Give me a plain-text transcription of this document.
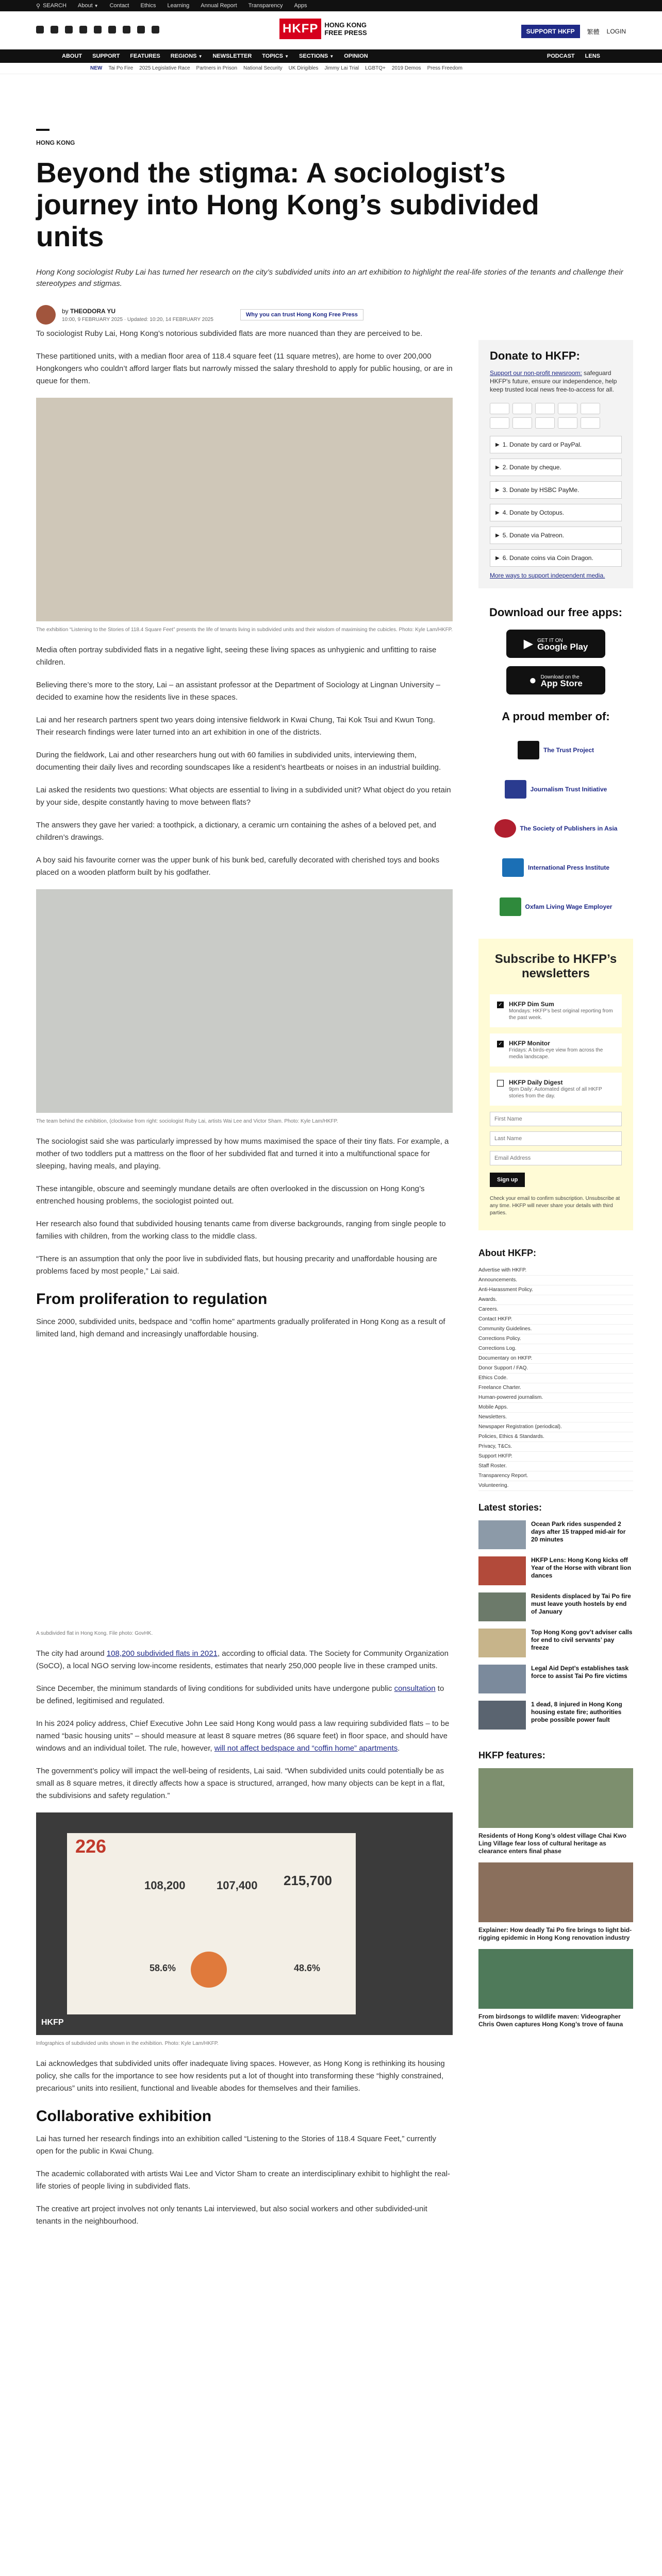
⚲ SEARCH About ▼ Contact Ethics Learning Annual Report Transparency Apps
HKFP HONG KONG
FREE PRESS	SUPPORT HKFP	繁體 LOGIN
ABOUT SUPPORT FEATURES REGIONS ▼ NEWSLETTER TOPICS ▼ SECTIONS ▼ OPINION	PODCAST LENS
NEW Tai Po Fire 2025 Legislative Race Partners in Prison National Security UK Dirigibles Jimmy Lai Trial LGBTQ+ 2019 Demos Press Freedom
HONG KONG
Beyond the stigma: A sociologist’s journey into Hong Kong’s subdivided units

Hong Kong sociologist Ruby Lai has turned her research on the city’s subdivided units into an art exhibition to highlight the real-life stories of the tenants and challenge their stereotypes and stigmas.

by THEODORA YU
10:00, 9 FEBRUARY 2025 · Updated: 10:20, 14 FEBRUARY 2025
Why you can trust Hong Kong Free Press

To sociologist Ruby Lai, Hong Kong’s notorious subdivided flats are more nuanced than they are perceived to be.

These partitioned units, with a median floor area of 118.4 square feet (11 square metres), are home to over 200,000 Hongkongers who couldn’t afford larger flats but narrowly missed the salary threshold to apply for public housing, or are in queue for them.

The exhibition “Listening to the Stories of 118.4 Square Feet” presents the life of tenants living in subdivided units and their wisdom of maximising the cubicles. Photo: Kyle Lam/HKFP.

Media often portray subdivided flats in a negative light, seeing these living spaces as unhygienic and unfitting to raise children.

Believing there’s more to the story, Lai – an assistant professor at the Department of Sociology at Lingnan University – decided to examine how the residents live in these spaces.

Lai and her research partners spent two years doing intensive fieldwork in Kwai Chung, Tai Kok Tsui and Kwun Tong. Their research findings were later turned into an art exhibition in one of the districts.

During the fieldwork, Lai and other researchers hung out with 60 families in subdivided units, interviewing them, documenting their daily lives and recording soundscapes like a resident’s heartbeats or noises in an industrial building.

Lai asked the residents two questions: What objects are essential to living in a subdivided unit? What object do you retain by your side, despite constantly having to move between flats?

The answers they gave her varied: a toothpick, a dictionary, a ceramic urn containing the ashes of a beloved pet, and children’s drawings.

A boy said his favourite corner was the upper bunk of his bunk bed, carefully decorated with cherished toys and books placed on a wooden platform built by his godfather.

The team behind the exhibition, (clockwise from right: sociologist Ruby Lai, artists Wai Lee and Victor Sham. Photo: Kyle Lam/HKFP.

The sociologist said she was particularly impressed by how mums maximised the space of their tiny flats. For example, a mother of two toddlers put a mattress on the floor of her subdivided flat and turned it into a multifunctional space for sleeping, having meals, and playing.

These intangible, obscure and seemingly mundane details are often overlooked in the discussion on Hong Kong’s entrenched housing problems, the sociologist pointed out.

Her research also found that subdivided housing tenants came from diverse backgrounds, ranging from single people to families with children, from the working class to the middle class.

“There is an assumption that only the poor live in subdivided flats, but housing precarity and unaffordable housing are problems faced by most people,” Lai said.

From proliferation to regulation

Since 2000, subdivided units, bedspace and “coffin home” apartments gradually proliferated in Hong Kong as a result of limited land, high demand and increasingly unaffordable housing.

A subdivided flat in Hong Kong. File photo: GovHK.

The city had around 108,200 subdivided flats in 2021, according to official data. The Society for Community Organization (SoCO), a local NGO serving low-income residents, estimates that nearly 250,000 people live in these cramped units.

Since December, the minimum standards of living conditions for subdivided units have undergone public consultation to be defined, legitimised and regulated.

In his 2024 policy address, Chief Executive John Lee said Hong Kong would pass a law requiring subdivided flats – to be named “basic housing units” – should measure at least 8 square metres (86 square feet) in floor space, and should have windows and an individual toilet. The rule, however, will not affect bedspace and “coffin home” apartments.

The government’s policy will impact the well-being of residents, Lai said. “When subdivided units could potentially be as small as 8 square metres, it directly affects how a space is structured, arranged, how many objects can be kept in a flat, the subdivisions and safety regulation.”

226
108,200	107,400 215,700
58.6%	48.6%
HKFP

Infographics of subdivided units shown in the exhibition. Photo: Kyle Lam/HKFP.

Lai acknowledges that subdivided units offer inadequate living spaces. However, as Hong Kong is rethinking its housing policy, she calls for the importance to see how residents put a lot of thought into transforming these “highly constrained, precarious” units into resilient, functional and liveable abodes for themselves and their families.

Collaborative exhibition

Lai has turned her research findings into an exhibition called “Listening to the Stories of 118.4 Square Feet,” currently open for the public in Kwai Chung.

The academic collaborated with artists Wai Lee and Victor Sham to create an interdisciplinary exhibit to highlight the real-life stories of people living in subdivided flats.

The creative art project involves not only tenants Lai interviewed, but also social workers and other subdivided-unit tenants in the neighbourhood.

Donate to HKFP:

Support our non-profit newsroom: safeguard HKFP's future, ensure our independence, help keep trusted local news free-to-access for all.

▶ 1. Donate by card or PayPal.
▶ 2. Donate by cheque.
▶ 3. Donate by HSBC PayMe.
▶ 4. Donate by Octopus.
▶ 5. Donate via Patreon.
▶ 6. Donate coins via Coin Dragon.
More ways to support independent media.
Download our free apps:
▶ GET IT ON
Google Play
● Download on the
App Store
A proud member of:
The Trust Project
Journalism Trust Initiative
The Society of Publishers in Asia
International Press Institute
Oxfam Living Wage Employer
Subscribe to HKFP’s newsletters
✓ HKFP Dim Sum
Mondays: HKFP’s best original reporting from the past week.
✓ HKFP Monitor
Fridays: A birds-eye view from across the media landscape.
HKFP Daily Digest
9pm Daily: Automated digest of all HKFP stories from the day.
First Name Last Name Email Address Sign up

Check your email to confirm subscription. Unsubscribe at any time. HKFP will never share your details with third parties.

About HKFP:
Advertise with HKFP.
Announcements.
Anti-Harassment Policy.
Awards.
Careers.
Contact HKFP.
Community Guidelines.
Corrections Policy.
Corrections Log.
Documentary on HKFP.
Donor Support / FAQ.
Ethics Code.
Freelance Charter.
Human-powered journalism.
Mobile Apps.
Newsletters.
Newspaper Registration (periodical).
Policies, Ethics & Standards.
Privacy, T&Cs.
Support HKFP.
Staff Roster.
Transparency Report.
Volunteering.
Latest stories:
Ocean Park rides suspended 2 days after 15 trapped mid-air for 20 minutes
HKFP Lens: Hong Kong kicks off Year of the Horse with vibrant lion dances
Residents displaced by Tai Po fire must leave youth hostels by end of January
Top Hong Kong gov’t adviser calls for end to civil servants’ pay freeze
Legal Aid Dept’s establishes task force to assist Tai Po fire victims
1 dead, 8 injured in Hong Kong housing estate fire; authorities probe possible power fault
HKFP features:
Residents of Hong Kong’s oldest village Chai Kwo Ling Village fear loss of cultural heritage as clearance enters final phase
Explainer: How deadly Tai Po fire brings to light bid-rigging epidemic in Hong Kong renovation industry
From birdsongs to wildlife maven: Videographer Chris Owen captures Hong Kong’s trove of fauna
